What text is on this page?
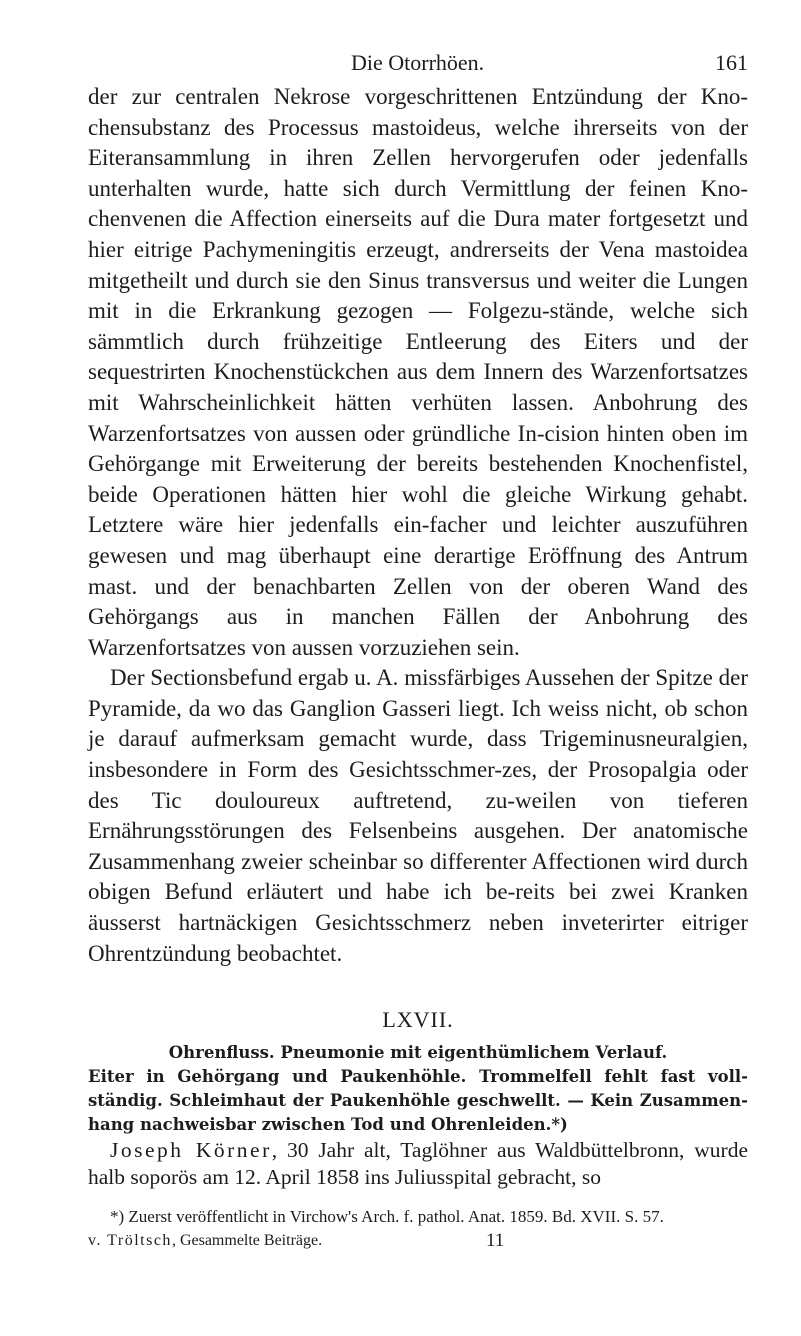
Die Otorrhöen.	161

der zur centralen Nekrose vorgeschrittenen Entzündung der Kno-chensubstanz des Processus mastoideus, welche ihrerseits von der Eiteransammlung in ihren Zellen hervorgerufen oder jedenfalls unterhalten wurde, hatte sich durch Vermittlung der feinen Kno-chenvenen die Affection einerseits auf die Dura mater fortgesetzt und hier eitrige Pachymeningitis erzeugt, andrerseits der Vena mastoidea mitgetheilt und durch sie den Sinus transversus und weiter die Lungen mit in die Erkrankung gezogen — Folgezu-stände, welche sich sämmtlich durch frühzeitige Entleerung des Eiters und der sequestrirten Knochenstückchen aus dem Innern des Warzenfortsatzes mit Wahrscheinlichkeit hätten verhüten lassen. Anbohrung des Warzenfortsatzes von aussen oder gründliche In-cision hinten oben im Gehörgange mit Erweiterung der bereits bestehenden Knochenfistel, beide Operationen hätten hier wohl die gleiche Wirkung gehabt. Letztere wäre hier jedenfalls ein-facher und leichter auszuführen gewesen und mag überhaupt eine derartige Eröffnung des Antrum mast. und der benachbarten Zellen von der oberen Wand des Gehörgangs aus in manchen Fällen der Anbohrung des Warzenfortsatzes von aussen vorzuziehen sein.

Der Sectionsbefund ergab u. A. missfärbiges Aussehen der Spitze der Pyramide, da wo das Ganglion Gasseri liegt. Ich weiss nicht, ob schon je darauf aufmerksam gemacht wurde, dass Trigeminusneuralgien, insbesondere in Form des Gesichtsschmer-zes, der Prosopalgia oder des Tic douloureux auftretend, zu-weilen von tieferen Ernährungsstörungen des Felsenbeins ausgehen. Der anatomische Zusammenhang zweier scheinbar so differenter Affectionen wird durch obigen Befund erläutert und habe ich be-reits bei zwei Kranken äusserst hartnäckigen Gesichtsschmerz neben inveterirter eitriger Ohrentzündung beobachtet.

LXVII.

Ohrenfluss. Pneumonie mit eigenthümlichem Verlauf.
Eiter in Gehörgang und Paukenhöhle. Trommelfell fehlt fast voll-ständig. Schleimhaut der Paukenhöhle geschwellt. — Kein Zusammen-hang nachweisbar zwischen Tod und Ohrenleiden.*)

Joseph Körner, 30 Jahr alt, Taglöhner aus Waldbüttelbronn, wurde halb soporös am 12. April 1858 ins Juliusspital gebracht, so

*) Zuerst veröffentlicht in Virchow's Arch. f. pathol. Anat. 1859. Bd. XVII. S. 57.
v. Tröltsch, Gesammelte Beiträge.	11
